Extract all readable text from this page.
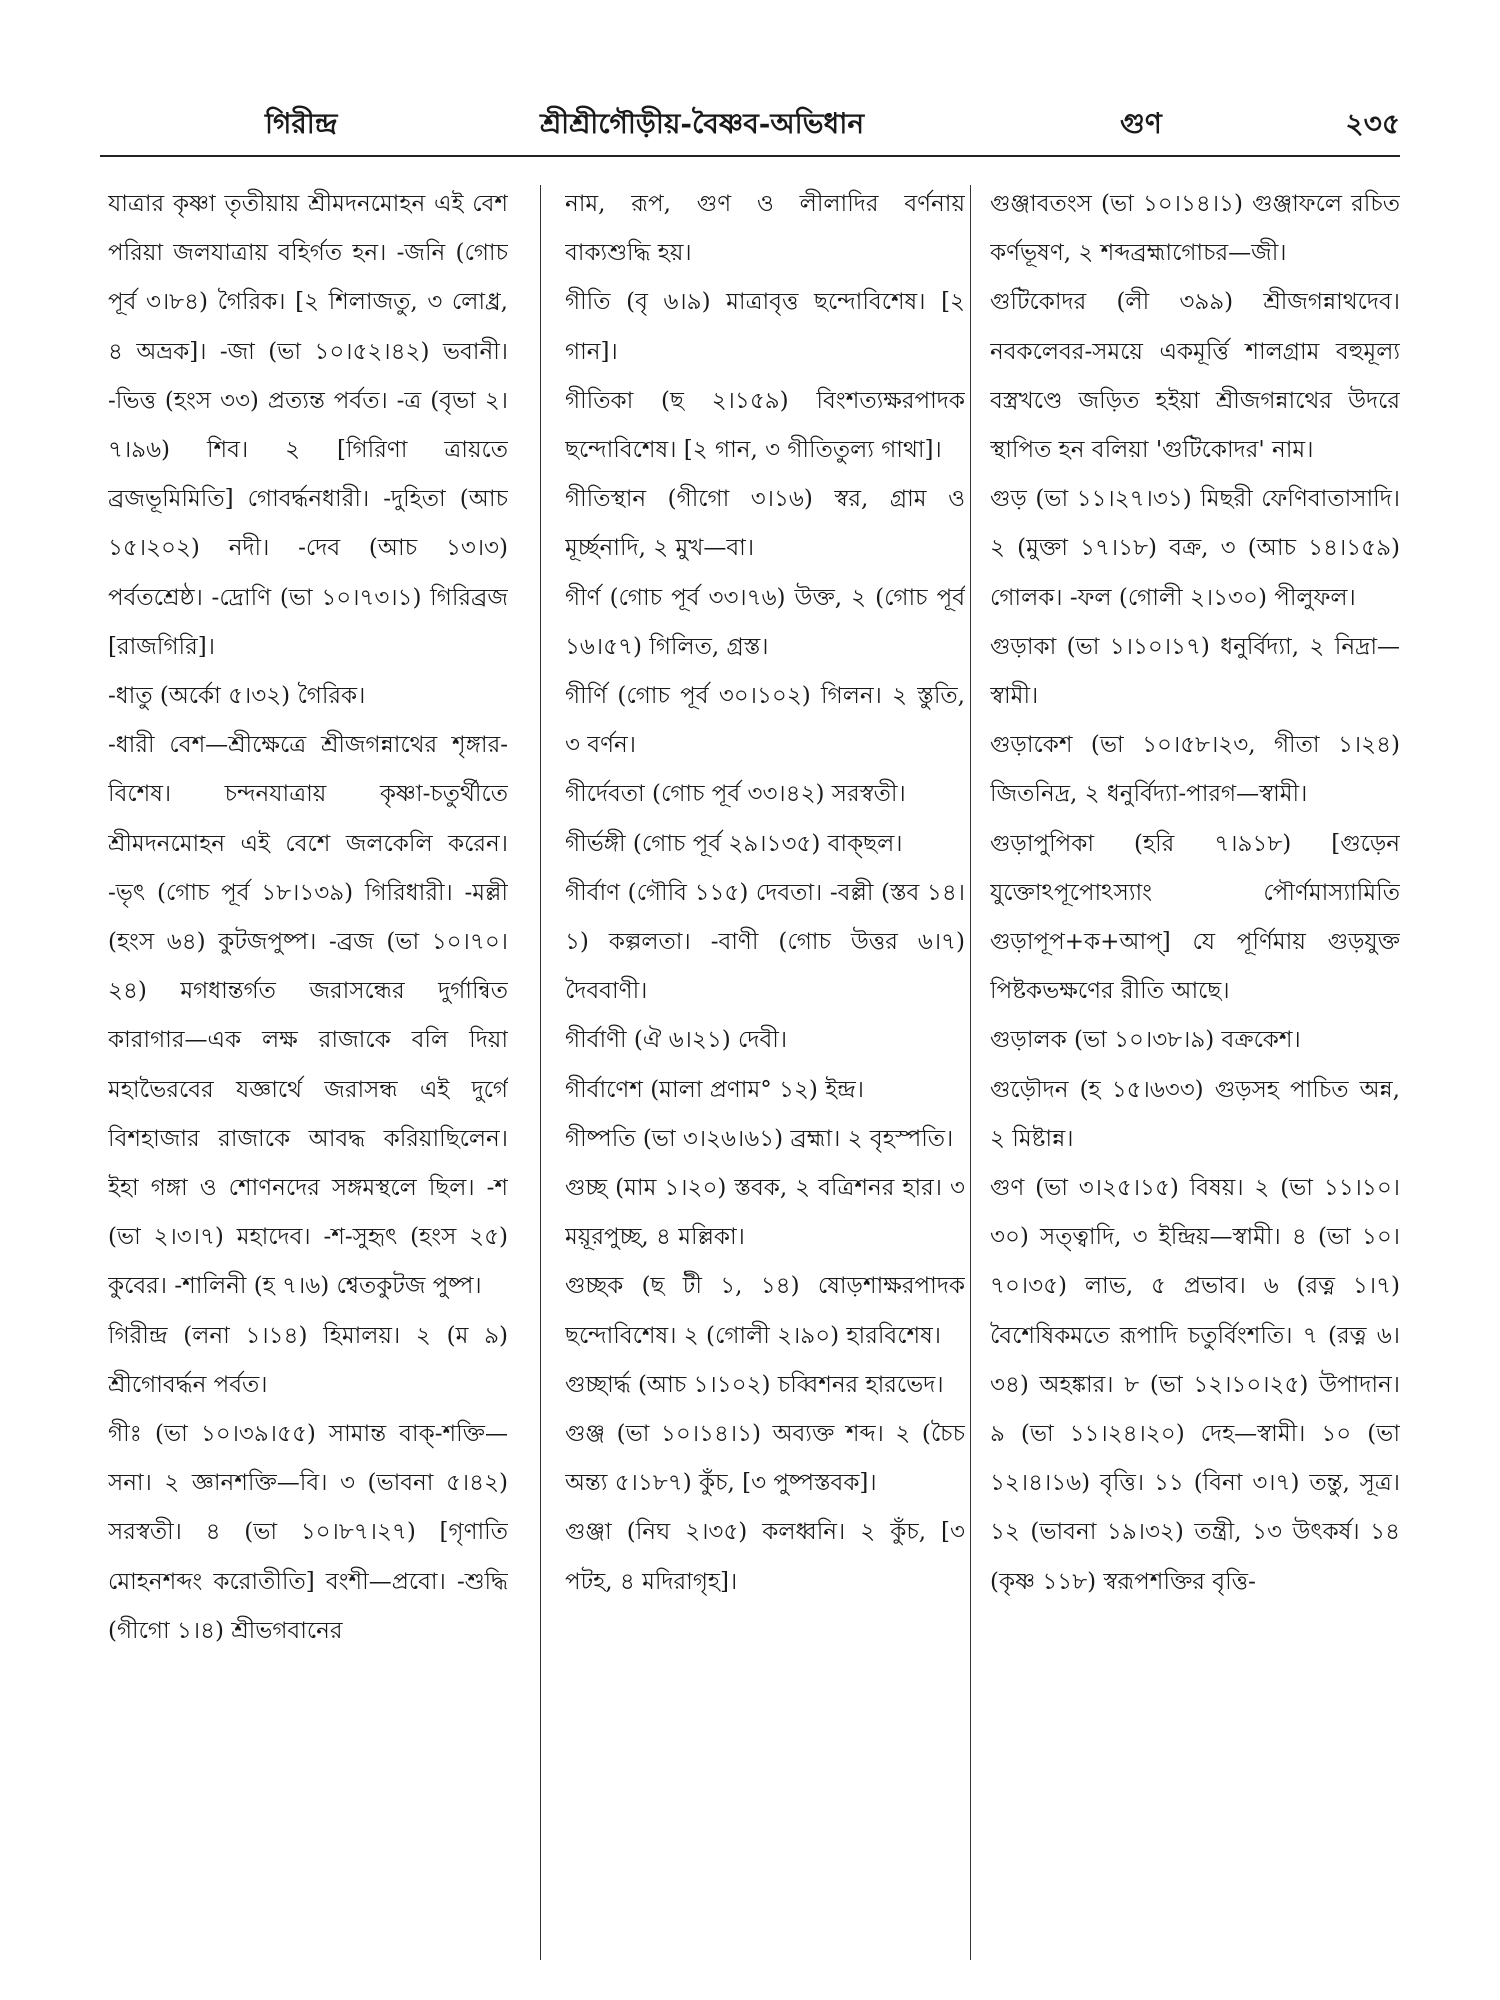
গিরীন্দ্র	শ্রীশ্রীগৌড়ীয়-বৈষ্ণব-অভিধান	গুণ	২৩৫

যাত্রার কৃষ্ণা তৃতীয়ায় শ্রীমদনমোহন এই বেশ পরিয়া জলযাত্রায় বহির্গত হন। -জনি (গোচ পূর্ব ৩।৮৪) গৈরিক। [২ শিলাজতু, ৩ লোধ্র, ৪ অভ্রক]। -জা (ভা ১০।৫২।৪২) ভবানী। -ভিত্ত (হংস ৩৩) প্রত্যন্ত পর্বত। -ত্র (বৃভা ২।৭।৯৬) শিব। ২ [গিরিণা ত্রায়তে ব্রজভূমিমিতি] গোবর্দ্ধনধারী। -দুহিতা (আচ ১৫।২০২) নদী। -দেব (আচ ১৩।৩) পর্বতশ্রেষ্ঠ। -দ্রোণি (ভা ১০।৭৩।১) গিরিব্রজ [রাজগিরি]।

-ধাতু (অর্কো ৫।৩২) গৈরিক।

-ধারী বেশ—শ্রীক্ষেত্রে শ্রীজগন্নাথের শৃঙ্গার-বিশেষ। চন্দনযাত্রায় কৃষ্ণা-চতুর্থীতে শ্রীমদনমোহন এই বেশে জলকেলি করেন। -ভৃৎ (গোচ পূর্ব ১৮।১৩৯) গিরিধারী। -মল্লী (হংস ৬৪) কুটজপুষ্প। -ব্রজ (ভা ১০।৭০।২৪) মগধান্তর্গত জরাসন্ধের দুর্গান্বিত কারাগার—এক লক্ষ রাজাকে বলি দিয়া মহাভৈরবের যজ্ঞার্থে জরাসন্ধ এই দুর্গে বিশহাজার রাজাকে আবদ্ধ করিয়াছিলেন। ইহা গঙ্গা ও শোণনদের সঙ্গমস্থলে ছিল। -শ (ভা ২।৩।৭) মহাদেব। -শ-সুহৃৎ (হংস ২৫) কুবের। -শালিনী (হ ৭।৬) শ্বেতকুটজ পুষ্প।

গিরীন্দ্র (লনা ১।১৪) হিমালয়। ২ (ম ৯) শ্রীগোবর্দ্ধন পর্বত।

গীঃ (ভা ১০।৩৯।৫৫) সামান্ত বাক্-শক্তি—সনা। ২ জ্ঞানশক্তি—বি। ৩ (ভাবনা ৫।৪২) সরস্বতী। ৪ (ভা ১০।৮৭।২৭) [গৃণাতি মোহনশব্দং করোতীতি] বংশী—প্রবো। -শুদ্ধি (গীগো ১।৪) শ্রীভগবানের

নাম, রূপ, গুণ ও লীলাদির বর্ণনায় বাক্যশুদ্ধি হয়।

গীতি (বৃ ৬।৯) মাত্রাবৃত্ত ছন্দোবিশেষ। [২ গান]।

গীতিকা (ছ ২।১৫৯) বিংশত্যক্ষরপাদক ছন্দোবিশেষ। [২ গান, ৩ গীতিতুল্য গাথা]।

গীতিস্থান (গীগো ৩।১৬) স্বর, গ্রাম ও মূর্চ্ছনাদি, ২ মুখ—বা।

গীর্ণ (গোচ পূর্ব ৩৩।৭৬) উক্ত, ২ (গোচ পূর্ব ১৬।৫৭) গিলিত, গ্রস্ত।

গীর্ণি (গোচ পূর্ব ৩০।১০২) গিলন। ২ স্তুতি, ৩ বর্ণন।

গীর্দেবতা (গোচ পূর্ব ৩৩।৪২) সরস্বতী।

গীর্ভঙ্গী (গোচ পূর্ব ২৯।১৩৫) বাক্ছল।

গীর্বাণ (গৌবি ১১৫) দেবতা। -বল্লী (স্তব ১৪।১) কল্পলতা। -বাণী (গোচ উত্তর ৬।৭) দৈববাণী।

গীর্বাণী (ঐ ৬।২১) দেবী।

গীর্বাণেশ (মালা প্রণাম° ১২) ইন্দ্র।

গীষ্পতি (ভা ৩।২৬।৬১) ব্রহ্মা। ২ বৃহস্পতি।

গুচ্ছ (মাম ১।২০) স্তবক, ২ বত্রিশনর হার। ৩ ময়ূরপুচ্ছ, ৪ মল্লিকা।

গুচ্ছক (ছ টী ১, ১৪) ষোড়শাক্ষরপাদক ছন্দোবিশেষ। ২ (গোলী ২।৯০) হারবিশেষ।

গুচ্ছার্দ্ধ (আচ ১।১০২) চব্বিশনর হারভেদ।

গুঞ্জ (ভা ১০।১৪।১) অব্যক্ত শব্দ। ২ (চৈচ অন্ত্য ৫।১৮৭) কুঁচ, [৩ পুষ্পস্তবক]।

গুঞ্জা (নিঘ ২।৩৫) কলধ্বনি। ২ কুঁচ, [৩ পটহ, ৪ মদিরাগৃহ]।

গুঞ্জাবতংস (ভা ১০।১৪।১) গুঞ্জাফলে রচিত কর্ণভূষণ, ২ শব্দব্রহ্মাগোচর—জী।

গুটিকোদর (লী ৩৯৯) শ্রীজগন্নাথদেব। নবকলেবর-সময়ে একমূর্ত্তি শালগ্রাম বহুমূল্য বস্ত্রখণ্ডে জড়িত হইয়া শ্রীজগন্নাথের উদরে স্থাপিত হন বলিয়া 'গুটিকোদর' নাম।

গুড় (ভা ১১।২৭।৩১) মিছরী ফেণিবাতাসাদি। ২ (মুক্তা ১৭।১৮) বক্র, ৩ (আচ ১৪।১৫৯) গোলক। -ফল (গোলী ২।১৩০) পীলুফল।

গুড়াকা (ভা ১।১০।১৭) ধনুর্বিদ্যা, ২ নিদ্রা—স্বামী।

গুড়াকেশ (ভা ১০।৫৮।২৩, গীতা ১।২৪) জিতনিদ্র, ২ ধনুর্বিদ্যা-পারগ—স্বামী।

গুড়াপুপিকা (হরি ৭।৯১৮) [গুড়েন যুক্তোঽপূপোঽস্যাং পৌর্ণমাস্যামিতি গুড়াপূপ+ক+আপ্] যে পূর্ণিমায় গুড়যুক্ত পিষ্টকভক্ষণের রীতি আছে।

গুড়ালক (ভা ১০।৩৮।৯) বক্রকেশ।

গুড়ৌদন (হ ১৫।৬৩৩) গুড়সহ পাচিত অন্ন, ২ মিষ্টান্ন।

গুণ (ভা ৩।২৫।১৫) বিষয়। ২ (ভা ১১।১০।৩০) সত্ত্বাদি, ৩ ইন্দ্রিয়—স্বামী। ৪ (ভা ১০।৭০।৩৫) লাভ, ৫ প্রভাব। ৬ (রত্ন ১।৭) বৈশেষিকমতে রূপাদি চতুর্বিংশতি। ৭ (রত্ন ৬।৩৪) অহঙ্কার। ৮ (ভা ১২।১০।২৫) উপাদান। ৯ (ভা ১১।২৪।২০) দেহ—স্বামী। ১০ (ভা ১২।৪।১৬) বৃত্তি। ১১ (বিনা ৩।৭) তন্তু, সূত্র। ১২ (ভাবনা ১৯।৩২) তন্ত্রী, ১৩ উৎকর্ষ। ১৪ (কৃষ্ণ ১১৮) স্বরূপশক্তির বৃত্তি-
